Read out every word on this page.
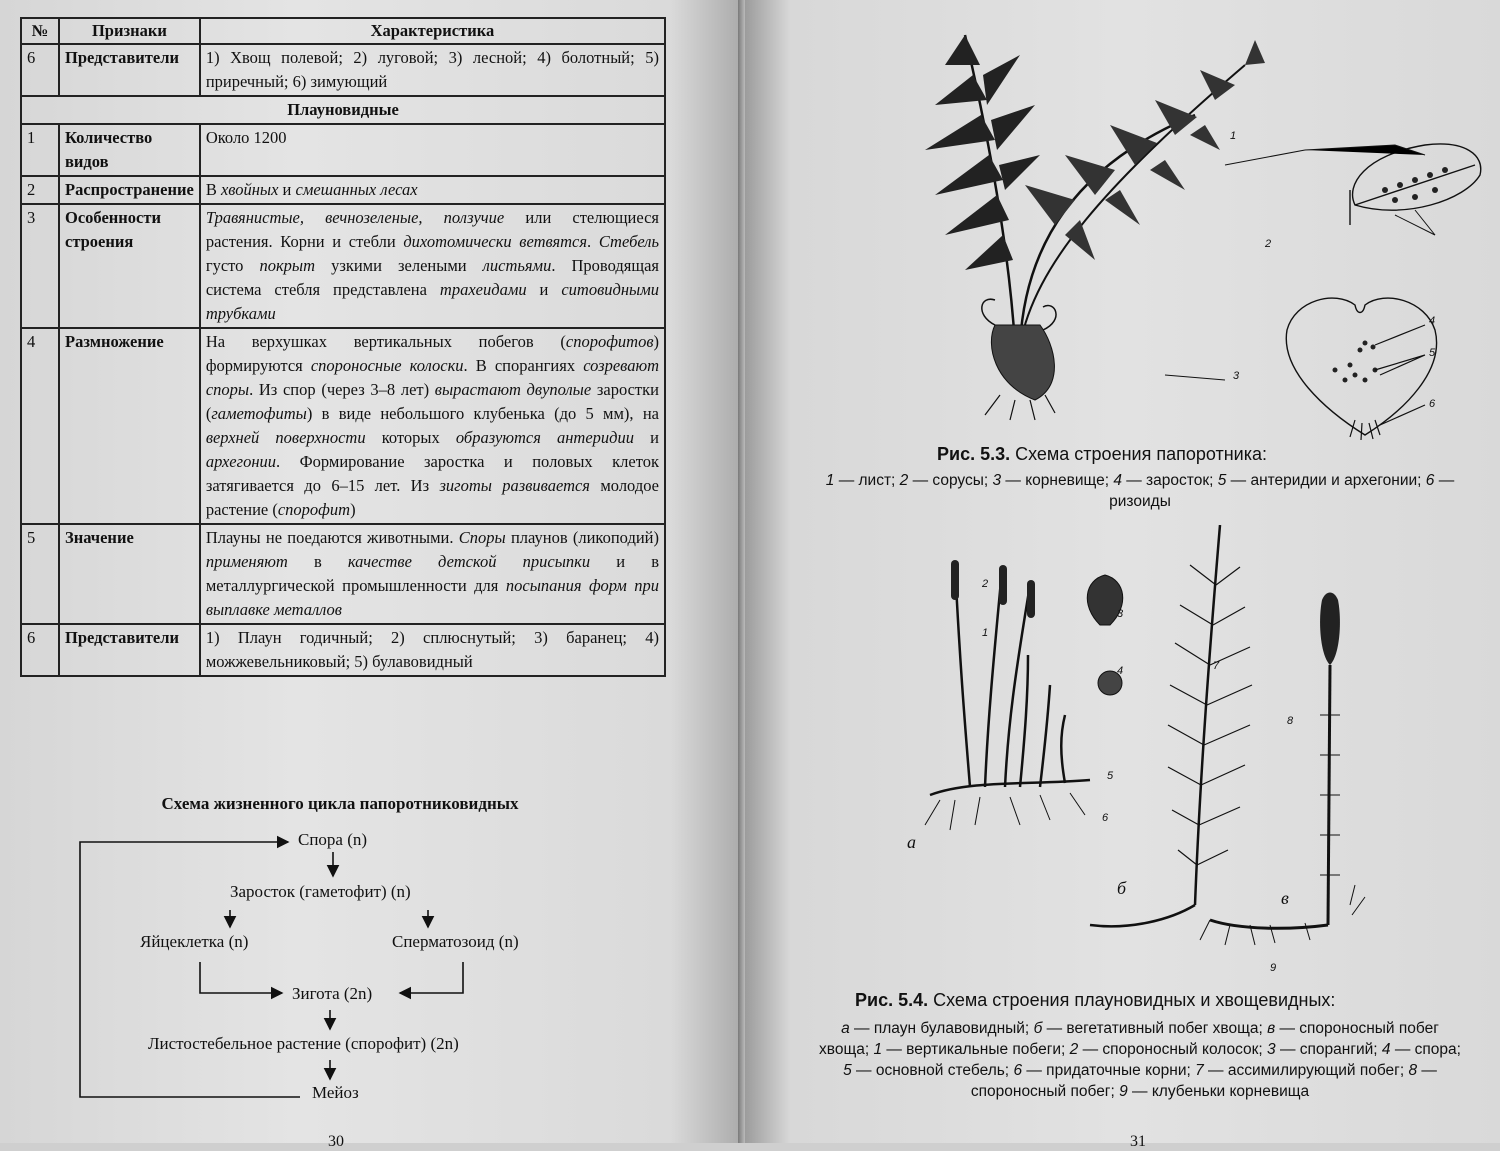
№	Признаки	Характеристика
6	Представители	1) Хвощ полевой; 2) луговой; 3) лесной; 4) болотный; 5) приречный; 6) зимующий
Плауновидные		
1	Количество видов	Около 1200
2	Распространение	В хвойных и смешанных лесах
3	Особенности строения	Травянистые, вечнозеленые, ползучие или стелющиеся растения. Корни и стебли дихотомически ветвятся. Стебель густо покрыт узкими зелеными листьями. Проводящая система стебля представлена трахеидами и ситовидными трубками
4	Размножение	На верхушках вертикальных побегов (спорофитов) формируются спороносные колоски. В спорангиях созревают споры. Из спор (через 3–8 лет) вырастают двуполые заростки (гаметофиты) в виде небольшого клубенька (до 5 мм), на верхней поверхности которых образуются антеридии и архегонии. Формирование заростка и половых клеток затягивается до 6–15 лет. Из зиготы развивается молодое растение (спорофит)
5	Значение	Плауны не поедаются животными. Споры плаунов (ликоподий) применяют в качестве детской присыпки и в металлургической промышленности для посыпания форм при выплавке металлов
6	Представители	1) Плаун годичный; 2) сплюснутый; 3) баранец; 4) можжевельниковый; 5) булавовидный
Схема жизненного цикла папоротниковидных
Спора (n)
Заросток (гаметофит) (n)
Яйцеклетка (n)	Сперматозоид (n)
Зигота (2n)
Листостебельное растение (спорофит) (2n)
Мейоз
30
1
2
3
4
5
6
Рис. 5.3. Схема строения папоротника:
1 — лист; 2 — сорусы; 3 — корневище; 4 — заросток; 5 — антеридии и архегонии; 6 — ризоиды
2
1
3
4
5
6
7
8
9
а
б	в
Рис. 5.4. Схема строения плауновидных и хвощевидных:
а — плаун булавовидный; б — вегетативный побег хвоща; в — спороносный побег хвоща; 1 — вертикальные побеги; 2 — спороносный колосок; 3 — спорангий; 4 — спора; 5 — основной стебель; 6 — придаточные корни; 7 — ассимилирующий побег; 8 — спороносный побег; 9 — клубеньки корневища
31
